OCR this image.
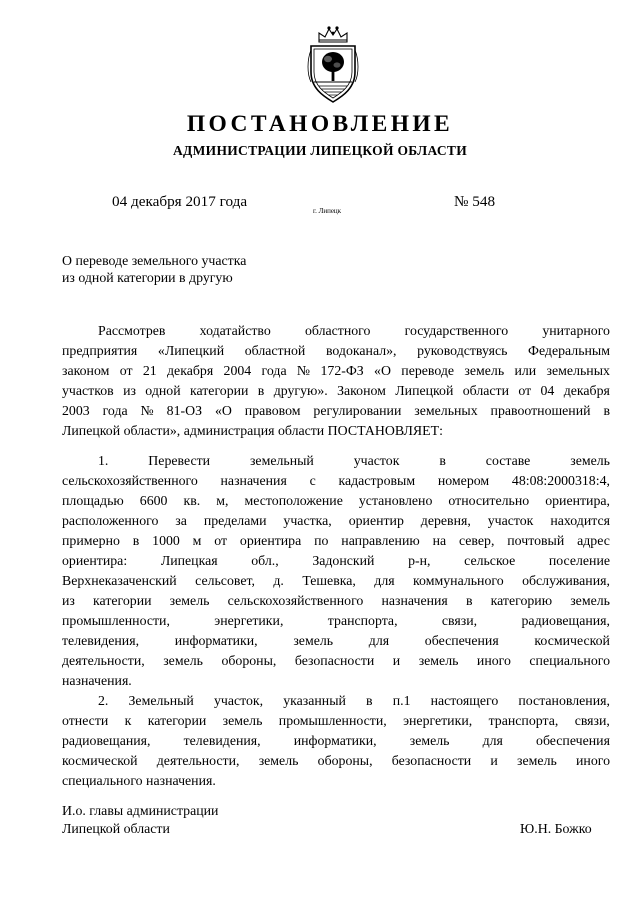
ПОСТАНОВЛЕНИЕ
АДМИНИСТРАЦИИ ЛИПЕЦКОЙ ОБЛАСТИ
04 декабря 2017 года
г. Липецк
№ 548
О переводе земельного участка
из одной категории в другую
Рассмотрев ходатайство областного государственного унитарного
предприятия «Липецкий областной водоканал», руководствуясь Федеральным
законом от 21 декабря 2004 года № 172-ФЗ «О переводе земель или земельных
участков из одной категории в другую». Законом Липецкой области от 04 декабря
2003 года № 81-ОЗ «О правовом регулировании земельных правоотношений в
Липецкой области», администрация области ПОСТАНОВЛЯЕТ:
1.	Перевести	земельный	участок	в	составе	земель
сельскохозяйственного назначения с кадастровым номером 48:08:2000318:4,
площадью 6600 кв. м, местоположение установлено относительно ориентира,
расположенного за пределами участка, ориентир деревня, участок находится
примерно в 1000 м от ориентира по направлению на север, почтовый адрес
ориентира: Липецкая обл., Задонский р-н, сельское поселение
Верхнеказаченский сельсовет, д. Тешевка, для коммунального обслуживания,
из категории земель сельскохозяйственного назначения в категорию земель
промышленности,	энергетики,	транспорта,	связи,	радиовещания,
телевидения,	информатики,	земель	для	обеспечения	космической
деятельности, земель обороны, безопасности и земель иного специального
назначения.
2. Земельный участок, указанный в п.1 настоящего постановления,
отнести к категории земель промышленности, энергетики, транспорта, связи,
радиовещания, телевидения, информатики, земель для обеспечения
космической деятельности, земель обороны, безопасности и земель иного
специального назначения.
И.о. главы администрации
Липецкой области	Ю.Н. Божко
